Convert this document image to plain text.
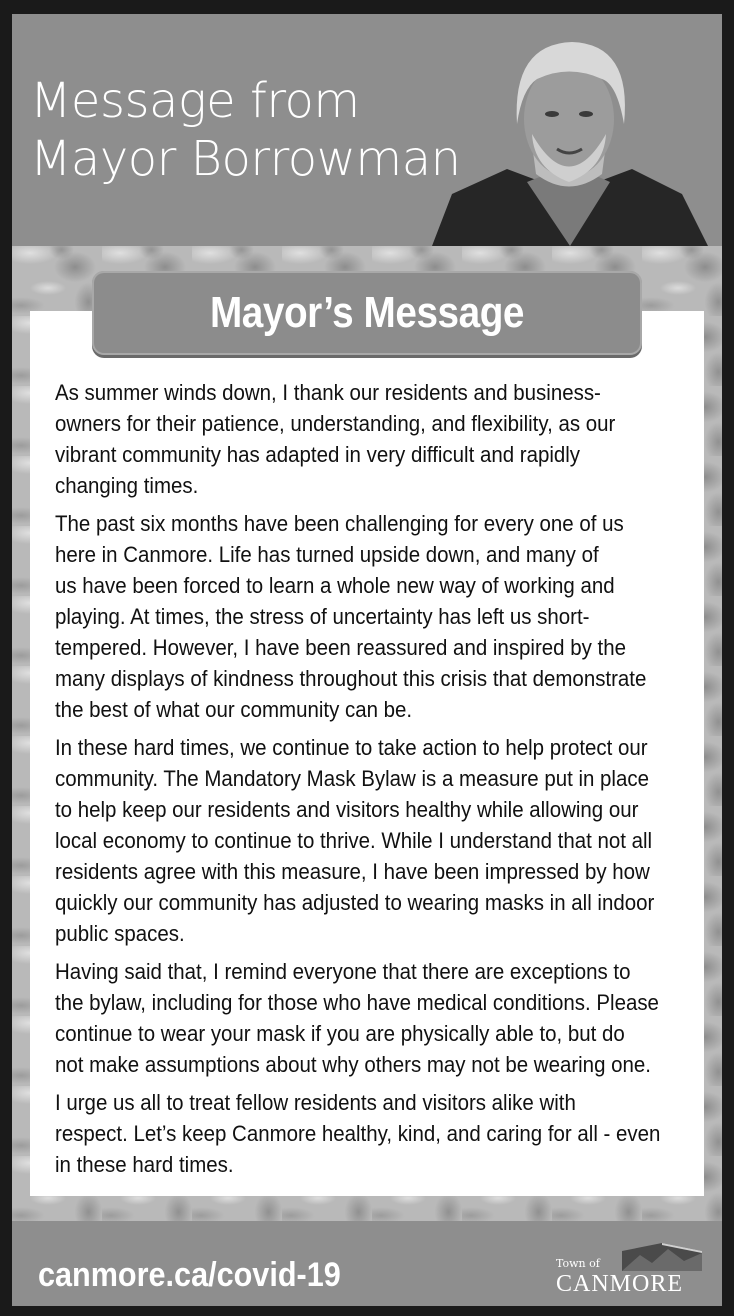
Message from
Mayor Borrowman
Mayor’s Message

As summer winds down, I thank our residents and business-
owners for their patience, understanding, and flexibility, as our
vibrant community has adapted in very difficult and rapidly
changing times.

The past six months have been challenging for every one of us
here in Canmore. Life has turned upside down, and many of
us have been forced to learn a whole new way of working and
playing. At times, the stress of uncertainty has left us short-
tempered. However, I have been reassured and inspired by the
many displays of kindness throughout this crisis that demonstrate
the best of what our community can be.

In these hard times, we continue to take action to help protect our
community. The Mandatory Mask Bylaw is a measure put in place
to help keep our residents and visitors healthy while allowing our
local economy to continue to thrive. While I understand that not all
residents agree with this measure, I have been impressed by how
quickly our community has adjusted to wearing masks in all indoor
public spaces.

Having said that, I remind everyone that there are exceptions to
the bylaw, including for those who have medical conditions. Please
continue to wear your mask if you are physically able to, but do
not make assumptions about why others may not be wearing one.

I urge us all to treat fellow residents and visitors alike with
respect. Let’s keep Canmore healthy, kind, and caring for all - even
in these hard times.

canmore.ca/covid-19	Town of
CANMORE
